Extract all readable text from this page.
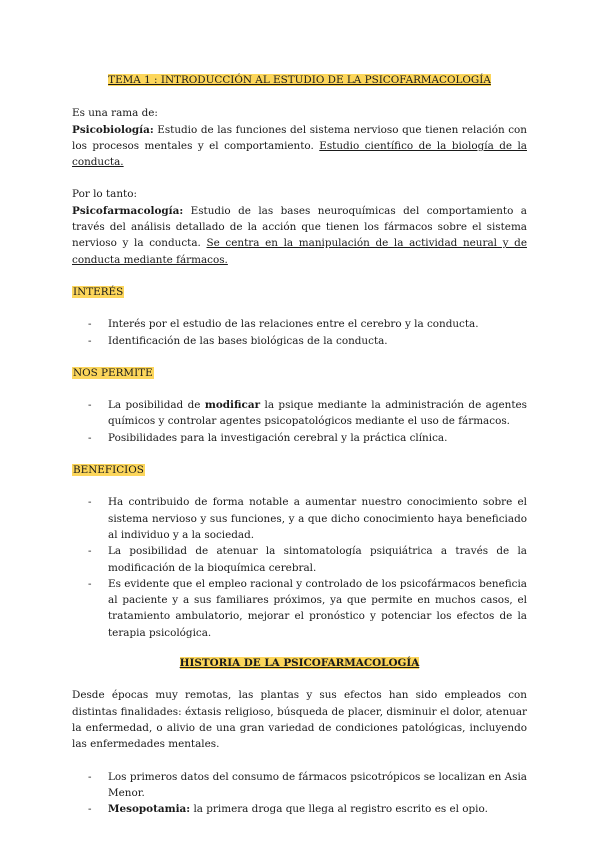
TEMA 1 : INTRODUCCIÓN AL ESTUDIO DE LA PSICOFARMACOLOGÍA

Es una rama de:

Psicobiología: Estudio de las funciones del sistema nervioso que tienen relación con los procesos mentales y el comportamiento. Estudio científico de la biología de la conducta.

Por lo tanto:

Psicofarmacología: Estudio de las bases neuroquímicas del comportamiento a través del análisis detallado de la acción que tienen los fármacos sobre el sistema nervioso y la conducta. Se centra en la manipulación de la actividad neural y de conducta mediante fármacos.

INTERÉS

- Interés por el estudio de las relaciones entre el cerebro y la conducta.
- Identificación de las bases biológicas de la conducta.

NOS PERMITE

- La posibilidad de modificar la psique mediante la administración de agentes químicos y controlar agentes psicopatológicos mediante el uso de fármacos.
- Posibilidades para la investigación cerebral y la práctica clínica.

BENEFICIOS

- Ha contribuido de forma notable a aumentar nuestro conocimiento sobre el sistema nervioso y sus funciones, y a que dicho conocimiento haya beneficiado al individuo y a la sociedad.
- La posibilidad de atenuar la sintomatología psiquiátrica a través de la modificación de la bioquímica cerebral.
- Es evidente que el empleo racional y controlado de los psicofármacos beneficia al paciente y a sus familiares próximos, ya que permite en muchos casos, el tratamiento ambulatorio, mejorar el pronóstico y potenciar los efectos de la terapia psicológica.

HISTORIA DE LA PSICOFARMACOLOGÍA

Desde épocas muy remotas, las plantas y sus efectos han sido empleados con distintas finalidades: éxtasis religioso, búsqueda de placer, disminuir el dolor, atenuar la enfermedad, o alivio de una gran variedad de condiciones patológicas, incluyendo las enfermedades mentales.

- Los primeros datos del consumo de fármacos psicotrópicos se localizan en Asia Menor.
- Mesopotamia: la primera droga que llega al registro escrito es el opio.
